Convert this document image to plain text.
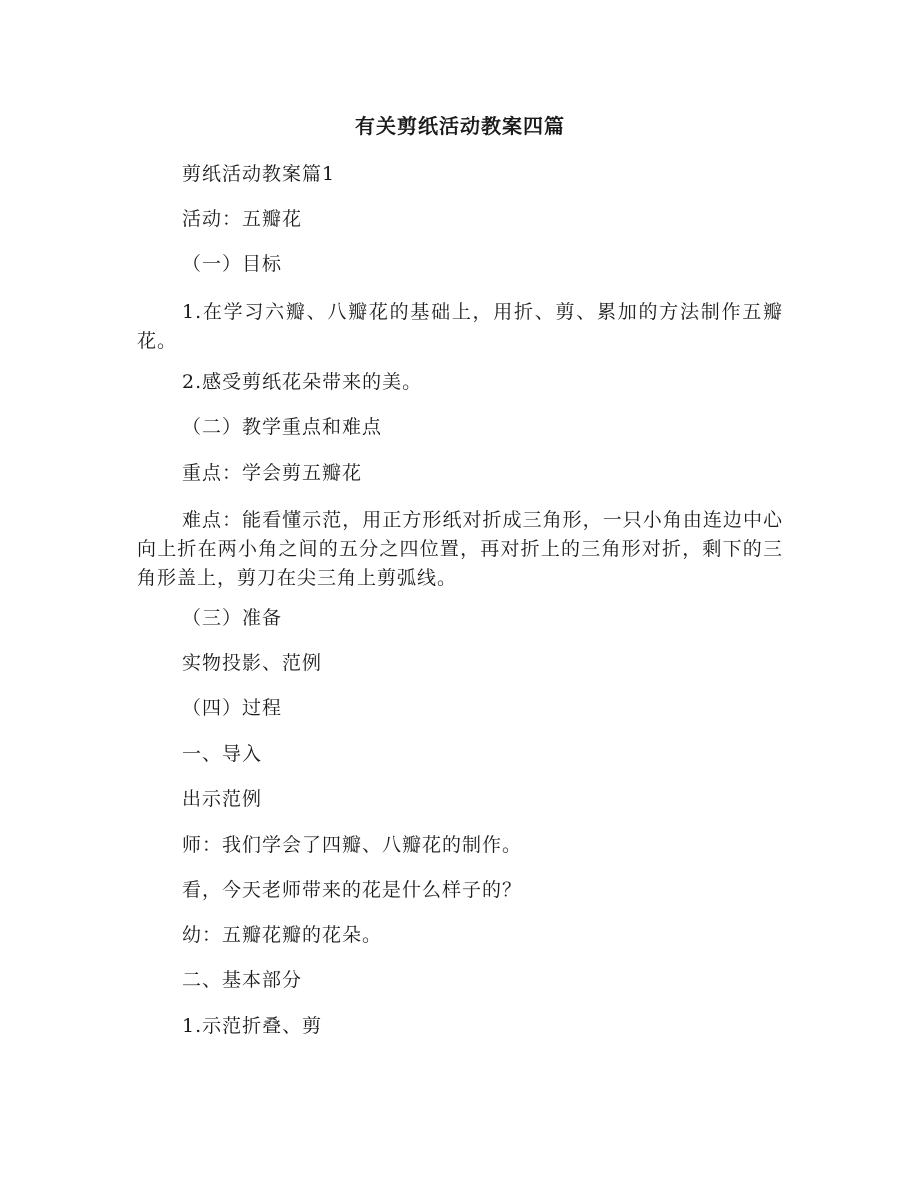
有关剪纸活动教案四篇
剪纸活动教案篇1
活动：五瓣花
（一）目标
1.在学习六瓣、八瓣花的基础上，用折、剪、累加的方法制作五瓣花。
2.感受剪纸花朵带来的美。
（二）教学重点和难点
重点：学会剪五瓣花
难点：能看懂示范，用正方形纸对折成三角形，一只小角由连边中心向上折在两小角之间的五分之四位置，再对折上的三角形对折，剩下的三角形盖上，剪刀在尖三角上剪弧线。
（三）准备
实物投影、范例
（四）过程
一、导入
出示范例
师：我们学会了四瓣、八瓣花的制作。
看，今天老师带来的花是什么样子的？
幼：五瓣花瓣的花朵。
二、基本部分
1.示范折叠、剪
